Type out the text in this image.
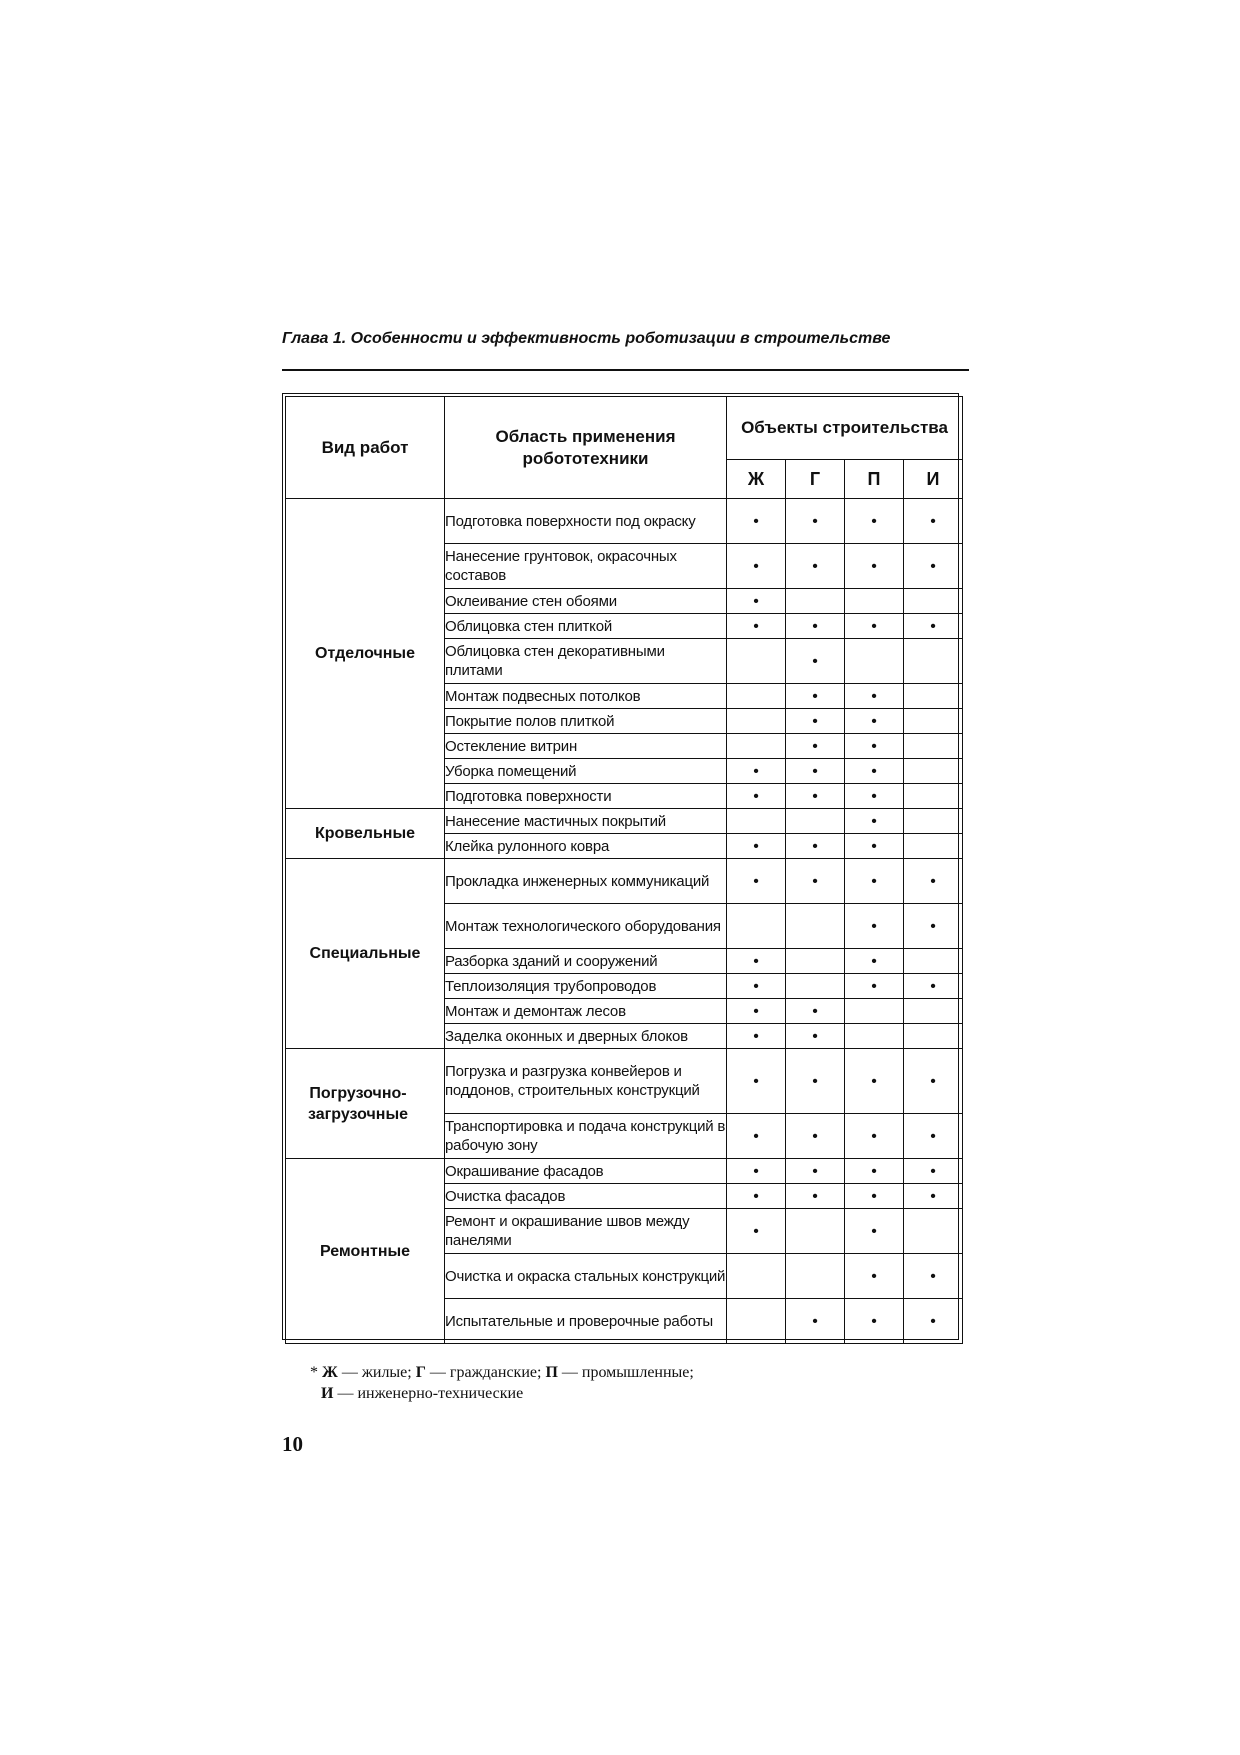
Глава 1. Особенности и эффективность роботизации в строительстве
Вид работ	Область применения робототехники	Объекты строительства			
		Ж	Г	П	И
Отделочные	Подготовка поверхности под окраску	•	•	•	•
	Нанесение грунтовок, окрасочных составов	•	•	•	•
	Оклеивание стен обоями	•			
	Облицовка стен плиткой	•	•	•	•
	Облицовка стен декоративными плитами		•		
	Монтаж подвесных потолков		•	•	
	Покрытие полов плиткой		•	•	
	Остекление витрин		•	•	
	Уборка помещений	•	•	•	
	Подготовка поверхности	•	•	•	
Кровельные	Нанесение мастичных покрытий			•	
	Клейка рулонного ковра	•	•	•	
Специальные	Прокладка инженерных коммуникаций	•	•	•	•
	Монтаж технологического оборудования			•	•
	Разборка зданий и сооружений	•		•	
	Теплоизоляция трубопроводов	•		•	•
	Монтаж и демонтаж лесов	•	•		
	Заделка оконных и дверных блоков	•	•		
Погрузочно-загрузочные	Погрузка и разгрузка конвейеров и поддонов, строительных конструкций	•	•	•	•
	Транспортировка и подача конструкций в рабочую зону	•	•	•	•
Ремонтные	Окрашивание фасадов	•	•	•	•
	Очистка фасадов	•	•	•	•
	Ремонт и окрашивание швов между панелями	•		•	
	Очистка и окраска стальных конструкций			•	•
	Испытательные и проверочные работы		•	•	•
* Ж — жилые; Г — гражданские; П — промышленные;
И — инженерно-технические
10
